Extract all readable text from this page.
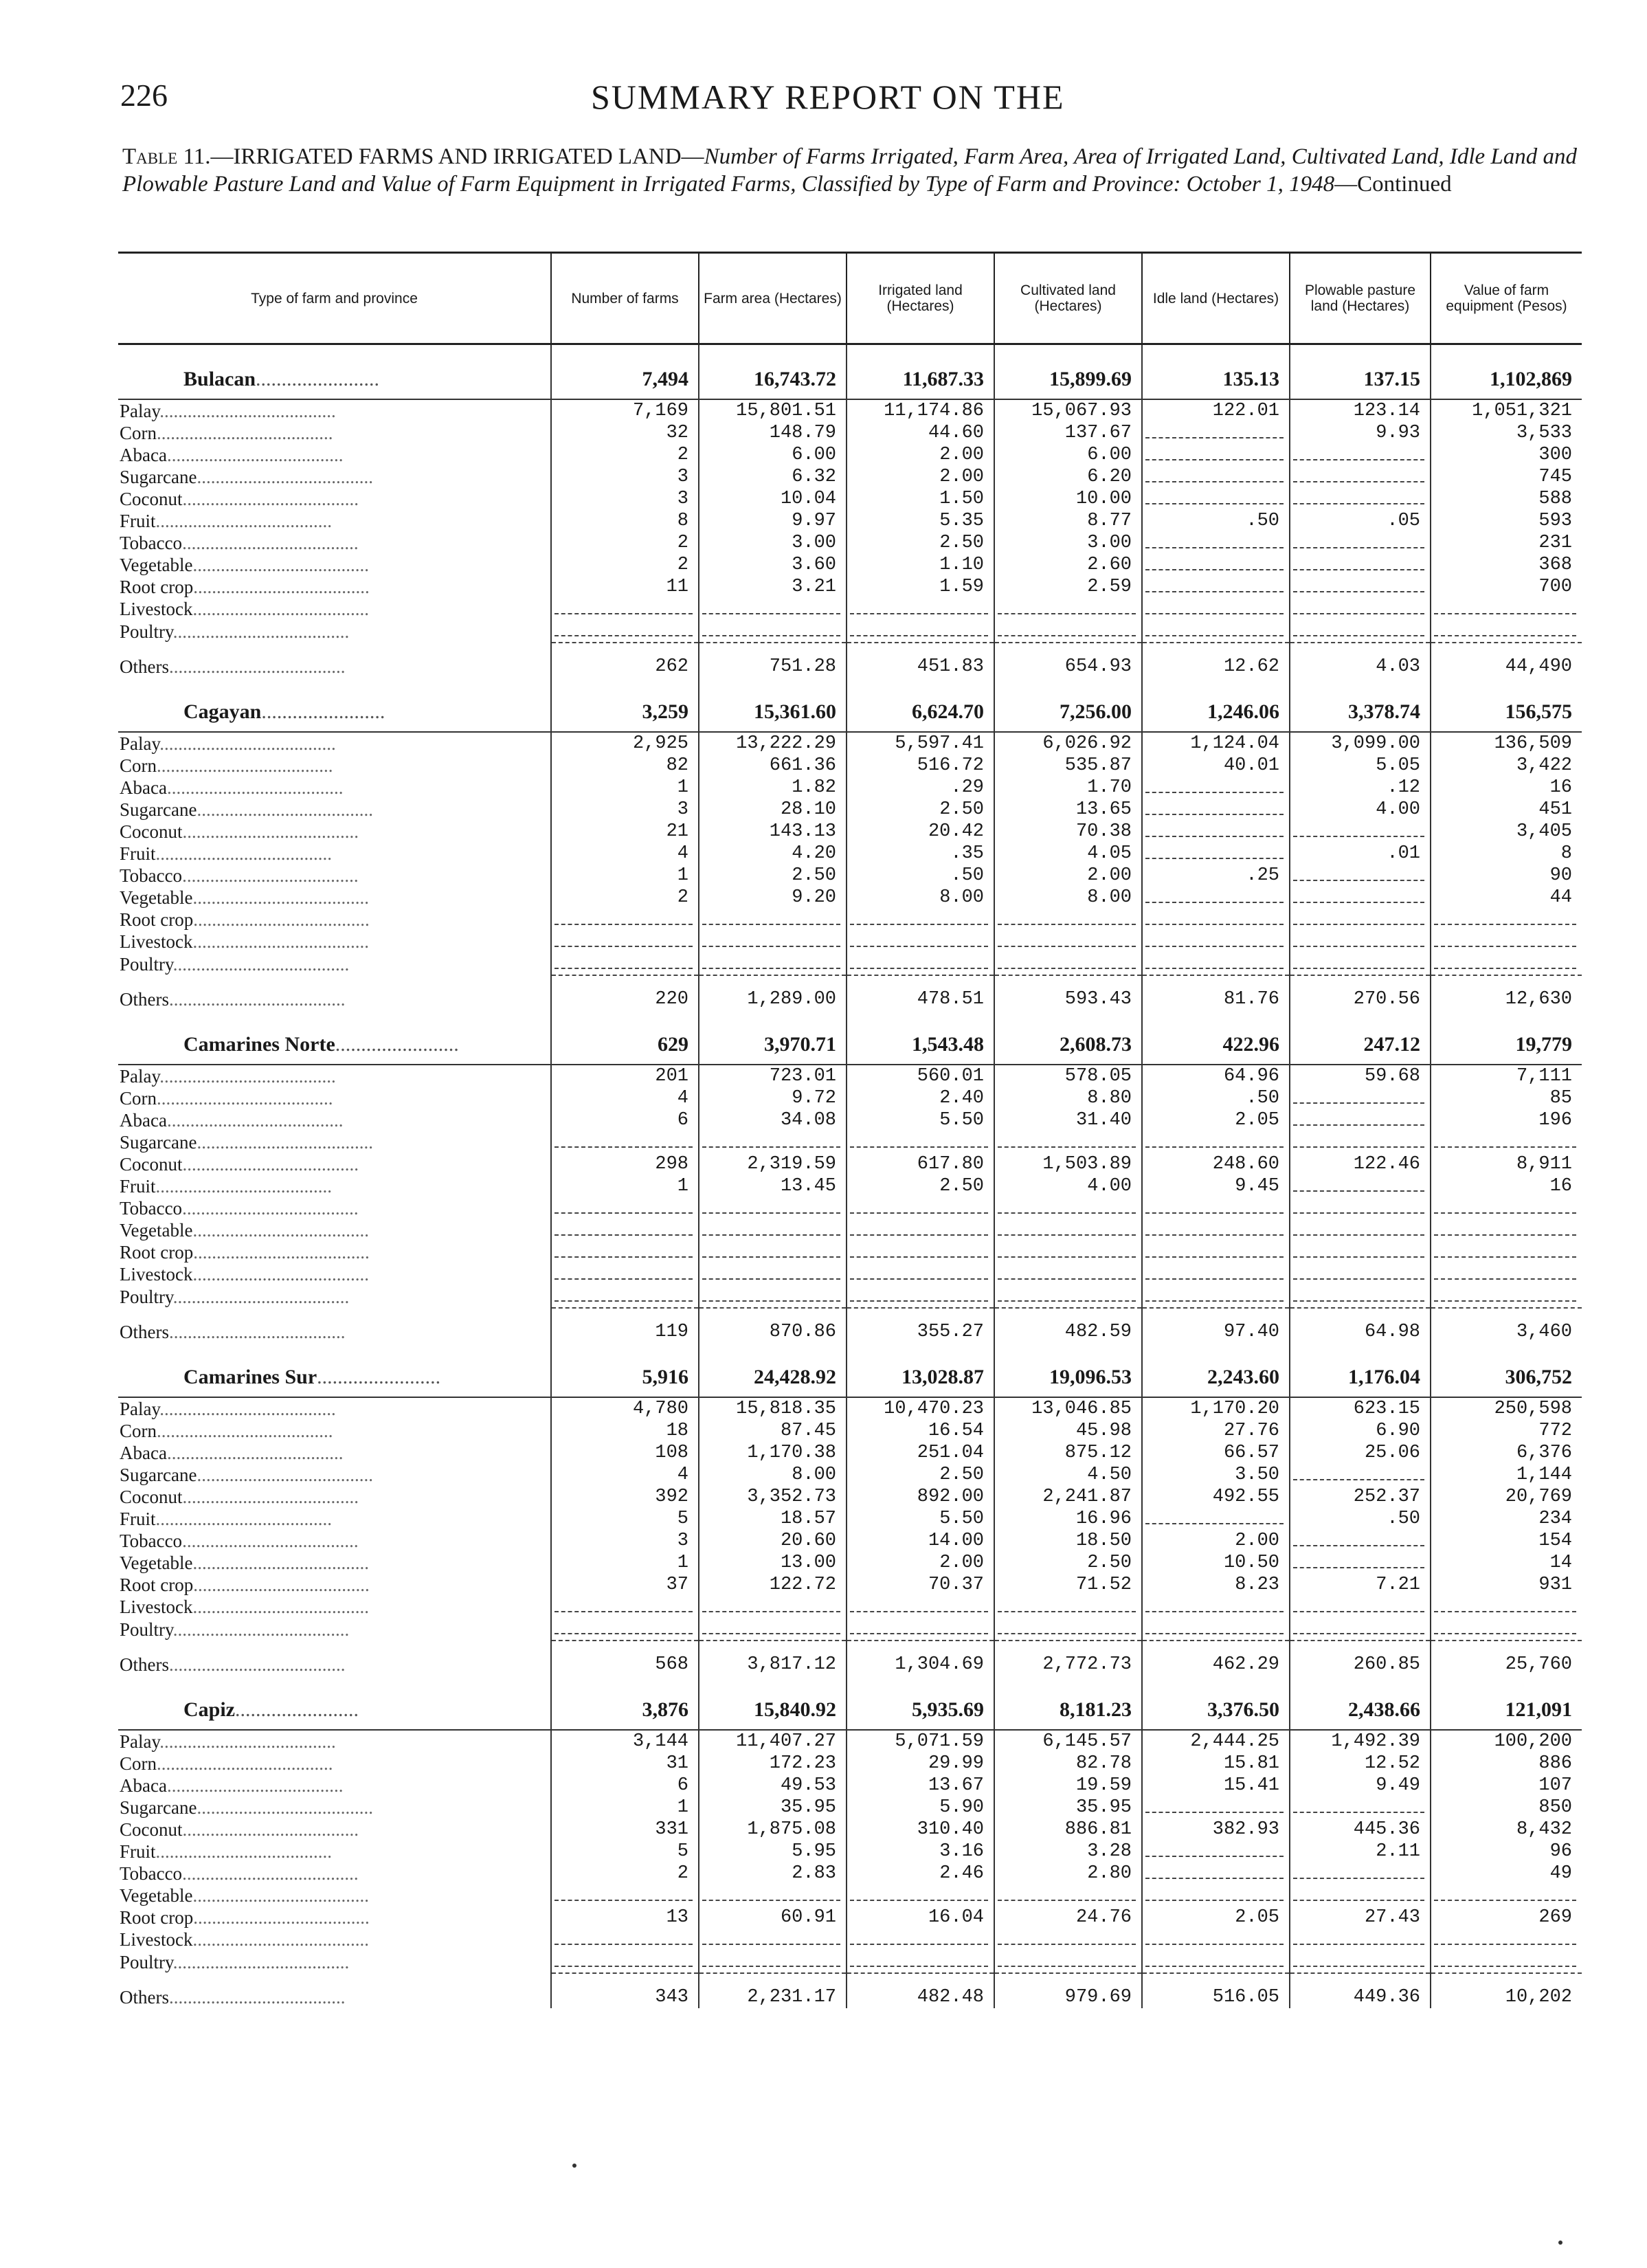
226	SUMMARY REPORT ON THE
Table 11.—IRRIGATED FARMS AND IRRIGATED LAND—Number of Farms Irrigated, Farm Area, Area of Irrigated Land, Cultivated Land, Idle Land and Plowable Pasture Land and Value of Farm Equipment in Irrigated Farms, Classified by Type of Farm and Province: October 1, 1948—Continued
Type of farm and province	Number of farms	Farm area (Hectares)	Irrigated land (Hectares)	Cultivated land (Hectares)	Idle land (Hectares)	Plowable pasture land (Hectares)	Value of farm equipment (Pesos)

Bulacan........................	7,494	16,743.72	11,687.33	15,899.69	135.13	137.15	1,102,869
Palay......................................	7,169	15,801.51	11,174.86	15,067.93	122.01	123.14	1,051,321
Corn......................................	32	148.79	44.60	137.67		9.93	3,533
Abaca......................................	2	6.00	2.00	6.00			300
Sugarcane......................................	3	6.32	2.00	6.20			745
Coconut......................................	3	10.04	1.50	10.00			588
Fruit......................................	8	9.97	5.35	8.77	.50	.05	593
Tobacco......................................	2	3.00	2.50	3.00			231
Vegetable......................................	2	3.60	1.10	2.60			368
Root crop......................................	11	3.21	1.59	2.59			700
Livestock......................................	

Poultry......................................	

Others......................................	262	751.28	451.83	654.93	12.62	4.03	44,490

Cagayan........................	3,259	15,361.60	6,624.70	7,256.00	1,246.06	3,378.74	156,575
Palay......................................	2,925	13,222.29	5,597.41	6,026.92	1,124.04	3,099.00	136,509
Corn......................................	82	661.36	516.72	535.87	40.01	5.05	3,422
Abaca......................................	1	1.82	.29	1.70		.12	16
Sugarcane......................................	3	28.10	2.50	13.65		4.00	451
Coconut......................................	21	143.13	20.42	70.38			3,405
Fruit......................................	4	4.20	.35	4.05		.01	8
Tobacco......................................	1	2.50	.50	2.00	.25		90
Vegetable......................................	2	9.20	8.00	8.00			44
Root crop......................................	

Livestock......................................	

Poultry......................................	

Others......................................	220	1,289.00	478.51	593.43	81.76	270.56	12,630

Camarines Norte........................	629	3,970.71	1,543.48	2,608.73	422.96	247.12	19,779
Palay......................................	201	723.01	560.01	578.05	64.96	59.68	7,111
Corn......................................	4	9.72	2.40	8.80	.50		85
Abaca......................................	6	34.08	5.50	31.40	2.05		196
Sugarcane......................................	

Coconut......................................	298	2,319.59	617.80	1,503.89	248.60	122.46	8,911
Fruit......................................	1	13.45	2.50	4.00	9.45		16
Tobacco......................................	

Vegetable......................................	

Root crop......................................	

Livestock......................................	

Poultry......................................	

Others......................................	119	870.86	355.27	482.59	97.40	64.98	3,460

Camarines Sur........................	5,916	24,428.92	13,028.87	19,096.53	2,243.60	1,176.04	306,752
Palay......................................	4,780	15,818.35	10,470.23	13,046.85	1,170.20	623.15	250,598
Corn......................................	18	87.45	16.54	45.98	27.76	6.90	772
Abaca......................................	108	1,170.38	251.04	875.12	66.57	25.06	6,376
Sugarcane......................................	4	8.00	2.50	4.50	3.50		1,144
Coconut......................................	392	3,352.73	892.00	2,241.87	492.55	252.37	20,769
Fruit......................................	5	18.57	5.50	16.96		.50	234
Tobacco......................................	3	20.60	14.00	18.50	2.00		154
Vegetable......................................	1	13.00	2.00	2.50	10.50		14
Root crop......................................	37	122.72	70.37	71.52	8.23	7.21	931
Livestock......................................	

Poultry......................................	

Others......................................	568	3,817.12	1,304.69	2,772.73	462.29	260.85	25,760

Capiz........................	3,876	15,840.92	5,935.69	8,181.23	3,376.50	2,438.66	121,091
Palay......................................	3,144	11,407.27	5,071.59	6,145.57	2,444.25	1,492.39	100,200
Corn......................................	31	172.23	29.99	82.78	15.81	12.52	886
Abaca......................................	6	49.53	13.67	19.59	15.41	9.49	107
Sugarcane......................................	1	35.95	5.90	35.95			850
Coconut......................................	331	1,875.08	310.40	886.81	382.93	445.36	8,432
Fruit......................................	5	5.95	3.16	3.28		2.11	96
Tobacco......................................	2	2.83	2.46	2.80			49
Vegetable......................................	

Root crop......................................	13	60.91	16.04	24.76	2.05	27.43	269
Livestock......................................	

Poultry......................................	

Others......................................	343	2,231.17	482.48	979.69	516.05	449.36	10,202
